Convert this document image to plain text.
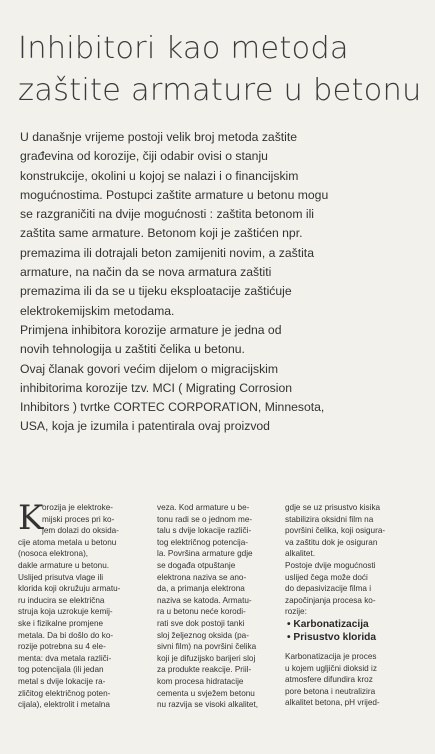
Inhibitori kao metoda
zaštite armature u betonu
U današnje vrijeme postoji velik broj metoda zaštite
građevina od korozije, čiji odabir ovisi o stanju
konstrukcije, okolini u kojoj se nalazi i o financijskim
mogućnostima. Postupci zaštite armature u betonu mogu
se razgraničiti na dvije mogućnosti : zaštita betonom ili
zaštita same armature. Betonom koji je zaštićen npr.
premazima ili dotrajali beton zamijeniti novim, a zaštita
armature, na način da se nova armatura zaštiti
premazima ili da se u tijeku eksploatacije zaštićuje
elektrokemijskim metodama.
Primjena inhibitora korozije armature je jedna od
novih tehnologija u zaštiti čelika u betonu.
Ovaj članak govori većim dijelom o migracijskim
inhibitorima korozije tzv. MCI ( Migrating Corrosion
Inhibitors ) tvrtke CORTEC CORPORATION, Minnesota,
USA, koja je izumila i patentirala ovaj proizvod
K
orozija je elektroke-
mijski proces pri ko-
jem dolazi do oksida-
cije atoma metala u betonu
(nosoca elektrona),
dakle armature u betonu.
Uslijed prisutva vlage ili
klorida koji okružuju armatu-
ru inducira se električna
struja koja uzrokuje kemij-
ske i fizikalne promjene
metala. Da bi došlo do ko-
rozije potrebna su 4 ele-
menta: dva metala različi-
tog potencijala (ili jedan
metal s dvije lokacije ra-
zličitog električnog poten-
cijala), elektrolit i metalna
veza. Kod armature u be-
tonu radi se o jednom me-
talu s dvije lokacije različi-
tog električnog potencija-
la. Površina armature gdje
se događa otpuštanje
elektrona naziva se ano-
da, a primanja elektrona
naziva se katoda. Armatu-
ra u betonu neće korodi-
rati sve dok postoji tanki
sloj željeznog oksida (pa-
sivni film) na površini čelika
koji je difuzijsko barijeri sloj
za produkte reakcije. Priil-
kom procesa hidratacije
cementa u svježem betonu
nu razvija se visoki alkalitet,
gdje se uz prisustvo kisika
stabilizira oksidni film na
površini čelika, koji osigura-
va zaštitu dok je osiguran
alkalitet.
Postoje dvije mogućnosti
uslijed čega može doći
do depasivizacije filma i
započinjanja procesa ko-
rozije:
• Karbonatizacija
• Prisustvo klorida
Karbonatizacija je proces
u kojem ugljični dioksid iz
atmosfere difundira kroz
pore betona i neutralizira
alkalitet betona, pH vrijed-
